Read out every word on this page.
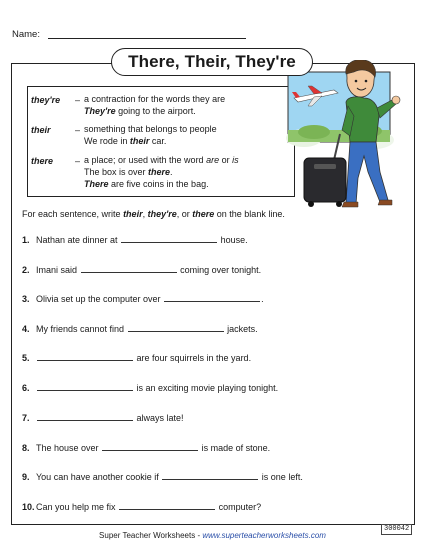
Name:
There, Their, They're
they're – a contraction for the words they are
They're going to the airport.
their	– something that belongs to people
We rode in their car.
there – a place; or used with the word are or is
The box is over there.
There are five coins in the bag.
For each sentence, write their, they're, or there on the blank line.
1. Nathan ate dinner at	house.
2. Imani said	coming over tonight.
3. Olivia set up the computer over	.
4. My friends cannot find	jackets.
5.	are four squirrels in the yard.
6.	is an exciting movie playing tonight.
7.	always late!
8. The house over	is made of stone.
9. You can have another cookie if	is one left.
10.Can you help me fix	computer?
Super Teacher Worksheets - www.superteacherworksheets.com
300042
